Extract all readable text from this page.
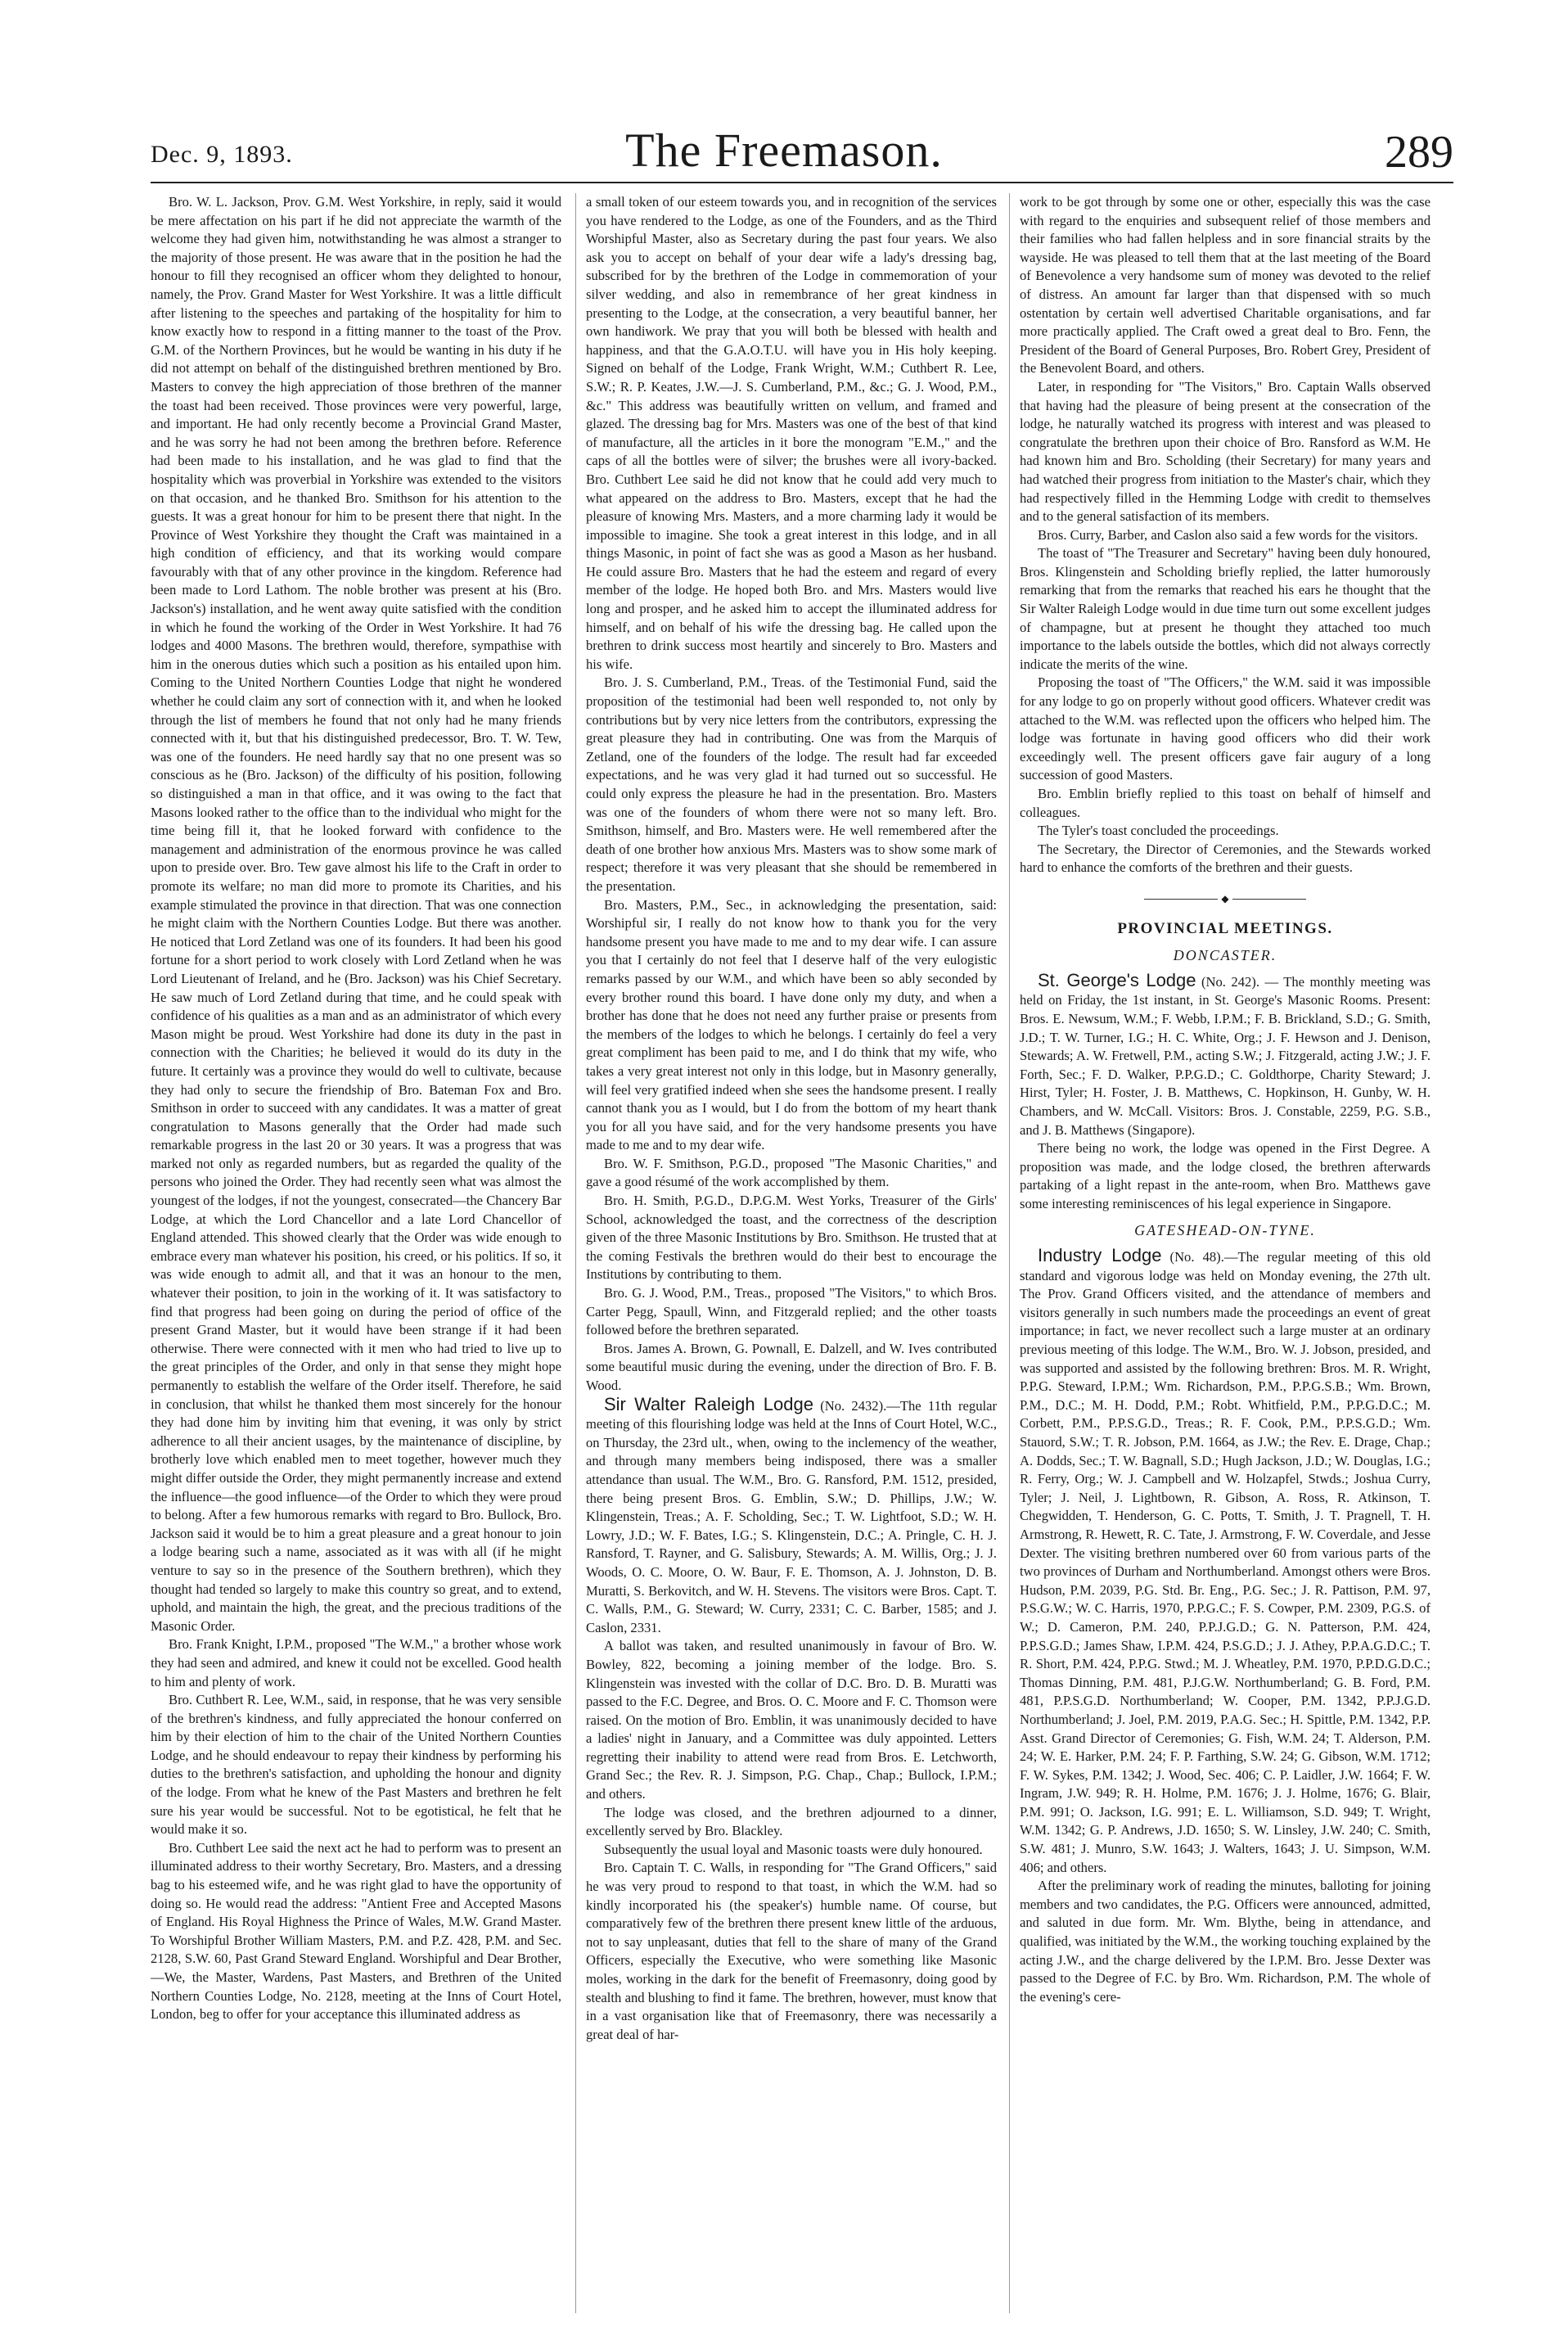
Dec. 9, 1893.	The Freemason.	289

Bro. W. L. Jackson, Prov. G.M. West Yorkshire, in reply, said it would be mere affectation on his part if he did not appreciate the warmth of the welcome they had given him, notwithstanding he was almost a stranger to the majority of those present. He was aware that in the position he had the honour to fill they recognised an officer whom they delighted to honour, namely, the Prov. Grand Master for West Yorkshire. It was a little difficult after listening to the speeches and partaking of the hospitality for him to know exactly how to respond in a fitting manner to the toast of the Prov. G.M. of the Northern Provinces, but he would be wanting in his duty if he did not attempt on behalf of the distinguished brethren mentioned by Bro. Masters to convey the high appreciation of those brethren of the manner the toast had been received. Those provinces were very powerful, large, and important. He had only recently become a Provincial Grand Master, and he was sorry he had not been among the brethren before. Reference had been made to his installation, and he was glad to find that the hospitality which was proverbial in Yorkshire was extended to the visitors on that occasion, and he thanked Bro. Smithson for his attention to the guests. It was a great honour for him to be present there that night. In the Province of West Yorkshire they thought the Craft was maintained in a high condition of efficiency, and that its working would compare favourably with that of any other province in the kingdom. Reference had been made to Lord Lathom. The noble brother was present at his (Bro. Jackson's) installation, and he went away quite satisfied with the condition in which he found the working of the Order in West Yorkshire. It had 76 lodges and 4000 Masons. The brethren would, therefore, sympathise with him in the onerous duties which such a position as his entailed upon him. Coming to the United Northern Counties Lodge that night he wondered whether he could claim any sort of connection with it, and when he looked through the list of members he found that not only had he many friends connected with it, but that his distinguished predecessor, Bro. T. W. Tew, was one of the founders. He need hardly say that no one present was so conscious as he (Bro. Jackson) of the difficulty of his position, following so distinguished a man in that office, and it was owing to the fact that Masons looked rather to the office than to the individual who might for the time being fill it, that he looked forward with confidence to the management and administration of the enormous province he was called upon to preside over. Bro. Tew gave almost his life to the Craft in order to promote its welfare; no man did more to promote its Charities, and his example stimulated the province in that direction. That was one connection he might claim with the Northern Counties Lodge. But there was another. He noticed that Lord Zetland was one of its founders. It had been his good fortune for a short period to work closely with Lord Zetland when he was Lord Lieutenant of Ireland, and he (Bro. Jackson) was his Chief Secretary. He saw much of Lord Zetland during that time, and he could speak with confidence of his qualities as a man and as an administrator of which every Mason might be proud. West Yorkshire had done its duty in the past in connection with the Charities; he believed it would do its duty in the future. It certainly was a province they would do well to cultivate, because they had only to secure the friendship of Bro. Bateman Fox and Bro. Smithson in order to succeed with any candidates. It was a matter of great congratulation to Masons generally that the Order had made such remarkable progress in the last 20 or 30 years. It was a progress that was marked not only as regarded numbers, but as regarded the quality of the persons who joined the Order. They had recently seen what was almost the youngest of the lodges, if not the youngest, consecrated—the Chancery Bar Lodge, at which the Lord Chancellor and a late Lord Chancellor of England attended. This showed clearly that the Order was wide enough to embrace every man whatever his position, his creed, or his politics. If so, it was wide enough to admit all, and that it was an honour to the men, whatever their position, to join in the working of it. It was satisfactory to find that progress had been going on during the period of office of the present Grand Master, but it would have been strange if it had been otherwise. There were connected with it men who had tried to live up to the great principles of the Order, and only in that sense they might hope permanently to establish the welfare of the Order itself. Therefore, he said in conclusion, that whilst he thanked them most sincerely for the honour they had done him by inviting him that evening, it was only by strict adherence to all their ancient usages, by the maintenance of discipline, by brotherly love which enabled men to meet together, however much they might differ outside the Order, they might permanently increase and extend the influence—the good influence—of the Order to which they were proud to belong. After a few humorous remarks with regard to Bro. Bullock, Bro. Jackson said it would be to him a great pleasure and a great honour to join a lodge bearing such a name, associated as it was with all (if he might venture to say so in the presence of the Southern brethren), which they thought had tended so largely to make this country so great, and to extend, uphold, and maintain the high, the great, and the precious traditions of the Masonic Order.

Bro. Frank Knight, I.P.M., proposed "The W.M.," a brother whose work they had seen and admired, and knew it could not be excelled. Good health to him and plenty of work.

Bro. Cuthbert R. Lee, W.M., said, in response, that he was very sensible of the brethren's kindness, and fully appreciated the honour conferred on him by their election of him to the chair of the United Northern Counties Lodge, and he should endeavour to repay their kindness by performing his duties to the brethren's satisfaction, and upholding the honour and dignity of the lodge. From what he knew of the Past Masters and brethren he felt sure his year would be successful. Not to be egotistical, he felt that he would make it so.

Bro. Cuthbert Lee said the next act he had to perform was to present an illuminated address to their worthy Secretary, Bro. Masters, and a dressing bag to his esteemed wife, and he was right glad to have the opportunity of doing so. He would read the address: "Antient Free and Accepted Masons of England. His Royal Highness the Prince of Wales, M.W. Grand Master. To Worshipful Brother William Masters, P.M. and P.Z. 428, P.M. and Sec. 2128, S.W. 60, Past Grand Steward England. Worshipful and Dear Brother,—We, the Master, Wardens, Past Masters, and Brethren of the United Northern Counties Lodge, No. 2128, meeting at the Inns of Court Hotel, London, beg to offer for your acceptance this illuminated address as

a small token of our esteem towards you, and in recognition of the services you have rendered to the Lodge, as one of the Founders, and as the Third Worshipful Master, also as Secretary during the past four years. We also ask you to accept on behalf of your dear wife a lady's dressing bag, subscribed for by the brethren of the Lodge in commemoration of your silver wedding, and also in remembrance of her great kindness in presenting to the Lodge, at the consecration, a very beautiful banner, her own handiwork. We pray that you will both be blessed with health and happiness, and that the G.A.O.T.U. will have you in His holy keeping. Signed on behalf of the Lodge, Frank Wright, W.M.; Cuthbert R. Lee, S.W.; R. P. Keates, J.W.—J. S. Cumberland, P.M., &c.; G. J. Wood, P.M., &c." This address was beautifully written on vellum, and framed and glazed. The dressing bag for Mrs. Masters was one of the best of that kind of manufacture, all the articles in it bore the monogram "E.M.," and the caps of all the bottles were of silver; the brushes were all ivory-backed. Bro. Cuthbert Lee said he did not know that he could add very much to what appeared on the address to Bro. Masters, except that he had the pleasure of knowing Mrs. Masters, and a more charming lady it would be impossible to imagine. She took a great interest in this lodge, and in all things Masonic, in point of fact she was as good a Mason as her husband. He could assure Bro. Masters that he had the esteem and regard of every member of the lodge. He hoped both Bro. and Mrs. Masters would live long and prosper, and he asked him to accept the illuminated address for himself, and on behalf of his wife the dressing bag. He called upon the brethren to drink success most heartily and sincerely to Bro. Masters and his wife.

Bro. J. S. Cumberland, P.M., Treas. of the Testimonial Fund, said the proposition of the testimonial had been well responded to, not only by contributions but by very nice letters from the contributors, expressing the great pleasure they had in contributing. One was from the Marquis of Zetland, one of the founders of the lodge. The result had far exceeded expectations, and he was very glad it had turned out so successful. He could only express the pleasure he had in the presentation. Bro. Masters was one of the founders of whom there were not so many left. Bro. Smithson, himself, and Bro. Masters were. He well remembered after the death of one brother how anxious Mrs. Masters was to show some mark of respect; therefore it was very pleasant that she should be remembered in the presentation.

Bro. Masters, P.M., Sec., in acknowledging the presentation, said: Worshipful sir, I really do not know how to thank you for the very handsome present you have made to me and to my dear wife. I can assure you that I certainly do not feel that I deserve half of the very eulogistic remarks passed by our W.M., and which have been so ably seconded by every brother round this board. I have done only my duty, and when a brother has done that he does not need any further praise or presents from the members of the lodges to which he belongs. I certainly do feel a very great compliment has been paid to me, and I do think that my wife, who takes a very great interest not only in this lodge, but in Masonry generally, will feel very gratified indeed when she sees the handsome present. I really cannot thank you as I would, but I do from the bottom of my heart thank you for all you have said, and for the very handsome presents you have made to me and to my dear wife.

Bro. W. F. Smithson, P.G.D., proposed "The Masonic Charities," and gave a good résumé of the work accomplished by them.

Bro. H. Smith, P.G.D., D.P.G.M. West Yorks, Treasurer of the Girls' School, acknowledged the toast, and the correctness of the description given of the three Masonic Institutions by Bro. Smithson. He trusted that at the coming Festivals the brethren would do their best to encourage the Institutions by contributing to them.

Bro. G. J. Wood, P.M., Treas., proposed "The Visitors," to which Bros. Carter Pegg, Spaull, Winn, and Fitzgerald replied; and the other toasts followed before the brethren separated.

Bros. James A. Brown, G. Pownall, E. Dalzell, and W. Ives contributed some beautiful music during the evening, under the direction of Bro. F. B. Wood.

Sir Walter Raleigh Lodge (No. 2432).—The 11th regular meeting of this flourishing lodge was held at the Inns of Court Hotel, W.C., on Thursday, the 23rd ult., when, owing to the inclemency of the weather, and through many members being indisposed, there was a smaller attendance than usual. The W.M., Bro. G. Ransford, P.M. 1512, presided, there being present Bros. G. Emblin, S.W.; D. Phillips, J.W.; W. Klingenstein, Treas.; A. F. Scholding, Sec.; T. W. Lightfoot, S.D.; W. H. Lowry, J.D.; W. F. Bates, I.G.; S. Klingenstein, D.C.; A. Pringle, C. H. J. Ransford, T. Rayner, and G. Salisbury, Stewards; A. M. Willis, Org.; J. J. Woods, O. C. Moore, O. W. Baur, F. E. Thomson, A. J. Johnston, D. B. Muratti, S. Berkovitch, and W. H. Stevens. The visitors were Bros. Capt. T. C. Walls, P.M., G. Steward; W. Curry, 2331; C. C. Barber, 1585; and J. Caslon, 2331.

A ballot was taken, and resulted unanimously in favour of Bro. W. Bowley, 822, becoming a joining member of the lodge. Bro. S. Klingenstein was invested with the collar of D.C. Bro. D. B. Muratti was passed to the F.C. Degree, and Bros. O. C. Moore and F. C. Thomson were raised. On the motion of Bro. Emblin, it was unanimously decided to have a ladies' night in January, and a Committee was duly appointed. Letters regretting their inability to attend were read from Bros. E. Letchworth, Grand Sec.; the Rev. R. J. Simpson, P.G. Chap., Chap.; Bullock, I.P.M.; and others.

The lodge was closed, and the brethren adjourned to a dinner, excellently served by Bro. Blackley.

Subsequently the usual loyal and Masonic toasts were duly honoured.

Bro. Captain T. C. Walls, in responding for "The Grand Officers," said he was very proud to respond to that toast, in which the W.M. had so kindly incorporated his (the speaker's) humble name. Of course, but comparatively few of the brethren there present knew little of the arduous, not to say unpleasant, duties that fell to the share of many of the Grand Officers, especially the Executive, who were something like Masonic moles, working in the dark for the benefit of Freemasonry, doing good by stealth and blushing to find it fame. The brethren, however, must know that in a vast organisation like that of Freemasonry, there was necessarily a great deal of har-

work to be got through by some one or other, especially this was the case with regard to the enquiries and subsequent relief of those members and their families who had fallen helpless and in sore financial straits by the wayside. He was pleased to tell them that at the last meeting of the Board of Benevolence a very handsome sum of money was devoted to the relief of distress. An amount far larger than that dispensed with so much ostentation by certain well advertised Charitable organisations, and far more practically applied. The Craft owed a great deal to Bro. Fenn, the President of the Board of General Purposes, Bro. Robert Grey, President of the Benevolent Board, and others.

Later, in responding for "The Visitors," Bro. Captain Walls observed that having had the pleasure of being present at the consecration of the lodge, he naturally watched its progress with interest and was pleased to congratulate the brethren upon their choice of Bro. Ransford as W.M. He had known him and Bro. Scholding (their Secretary) for many years and had watched their progress from initiation to the Master's chair, which they had respectively filled in the Hemming Lodge with credit to themselves and to the general satisfaction of its members.

Bros. Curry, Barber, and Caslon also said a few words for the visitors.

The toast of "The Treasurer and Secretary" having been duly honoured, Bros. Klingenstein and Scholding briefly replied, the latter humorously remarking that from the remarks that reached his ears he thought that the Sir Walter Raleigh Lodge would in due time turn out some excellent judges of champagne, but at present he thought they attached too much importance to the labels outside the bottles, which did not always correctly indicate the merits of the wine.

Proposing the toast of "The Officers," the W.M. said it was impossible for any lodge to go on properly without good officers. Whatever credit was attached to the W.M. was reflected upon the officers who helped him. The lodge was fortunate in having good officers who did their work exceedingly well. The present officers gave fair augury of a long succession of good Masters.

Bro. Emblin briefly replied to this toast on behalf of himself and colleagues.

The Tyler's toast concluded the proceedings.

The Secretary, the Director of Ceremonies, and the Stewards worked hard to enhance the comforts of the brethren and their guests.

◆
PROVINCIAL MEETINGS.
DONCASTER.

St. George's Lodge (No. 242). — The monthly meeting was held on Friday, the 1st instant, in St. George's Masonic Rooms. Present: Bros. E. Newsum, W.M.; F. Webb, I.P.M.; F. B. Brickland, S.D.; G. Smith, J.D.; T. W. Turner, I.G.; H. C. White, Org.; J. F. Hewson and J. Denison, Stewards; A. W. Fretwell, P.M., acting S.W.; J. Fitzgerald, acting J.W.; J. F. Forth, Sec.; F. D. Walker, P.P.G.D.; C. Goldthorpe, Charity Steward; J. Hirst, Tyler; H. Foster, J. B. Matthews, C. Hopkinson, H. Gunby, W. H. Chambers, and W. McCall. Visitors: Bros. J. Constable, 2259, P.G. S.B., and J. B. Matthews (Singapore).

There being no work, the lodge was opened in the First Degree. A proposition was made, and the lodge closed, the brethren afterwards partaking of a light repast in the ante-room, when Bro. Matthews gave some interesting reminiscences of his legal experience in Singapore.

GATESHEAD-ON-TYNE.

Industry Lodge (No. 48).—The regular meeting of this old standard and vigorous lodge was held on Monday evening, the 27th ult. The Prov. Grand Officers visited, and the attendance of members and visitors generally in such numbers made the proceedings an event of great importance; in fact, we never recollect such a large muster at an ordinary previous meeting of this lodge. The W.M., Bro. W. J. Jobson, presided, and was supported and assisted by the following brethren: Bros. M. R. Wright, P.P.G. Steward, I.P.M.; Wm. Richardson, P.M., P.P.G.S.B.; Wm. Brown, P.M., D.C.; M. H. Dodd, P.M.; Robt. Whitfield, P.M., P.P.G.D.C.; M. Corbett, P.M., P.P.S.G.D., Treas.; R. F. Cook, P.M., P.P.S.G.D.; Wm. Stauord, S.W.; T. R. Jobson, P.M. 1664, as J.W.; the Rev. E. Drage, Chap.; A. Dodds, Sec.; T. W. Bagnall, S.D.; Hugh Jackson, J.D.; W. Douglas, I.G.; R. Ferry, Org.; W. J. Campbell and W. Holzapfel, Stwds.; Joshua Curry, Tyler; J. Neil, J. Lightbown, R. Gibson, A. Ross, R. Atkinson, T. Chegwidden, T. Henderson, G. C. Potts, T. Smith, J. T. Pragnell, T. H. Armstrong, R. Hewett, R. C. Tate, J. Armstrong, F. W. Coverdale, and Jesse Dexter. The visiting brethren numbered over 60 from various parts of the two provinces of Durham and Northumberland. Amongst others were Bros. Hudson, P.M. 2039, P.G. Std. Br. Eng., P.G. Sec.; J. R. Pattison, P.M. 97, P.S.G.W.; W. C. Harris, 1970, P.P.G.C.; F. S. Cowper, P.M. 2309, P.G.S. of W.; D. Cameron, P.M. 240, P.P.J.G.D.; G. N. Patterson, P.M. 424, P.P.S.G.D.; James Shaw, I.P.M. 424, P.S.G.D.; J. J. Athey, P.P.A.G.D.C.; T. R. Short, P.M. 424, P.P.G. Stwd.; M. J. Wheatley, P.M. 1970, P.P.D.G.D.C.; Thomas Dinning, P.M. 481, P.J.G.W. Northumberland; G. B. Ford, P.M. 481, P.P.S.G.D. Northumberland; W. Cooper, P.M. 1342, P.P.J.G.D. Northumberland; J. Joel, P.M. 2019, P.A.G. Sec.; H. Spittle, P.M. 1342, P.P. Asst. Grand Director of Ceremonies; G. Fish, W.M. 24; T. Alderson, P.M. 24; W. E. Harker, P.M. 24; F. P. Farthing, S.W. 24; G. Gibson, W.M. 1712; F. W. Sykes, P.M. 1342; J. Wood, Sec. 406; C. P. Laidler, J.W. 1664; F. W. Ingram, J.W. 949; R. H. Holme, P.M. 1676; J. J. Holme, 1676; G. Blair, P.M. 991; O. Jackson, I.G. 991; E. L. Williamson, S.D. 949; T. Wright, W.M. 1342; G. P. Andrews, J.D. 1650; S. W. Linsley, J.W. 240; C. Smith, S.W. 481; J. Munro, S.W. 1643; J. Walters, 1643; J. U. Simpson, W.M. 406; and others.

After the preliminary work of reading the minutes, balloting for joining members and two candidates, the P.G. Officers were announced, admitted, and saluted in due form. Mr. Wm. Blythe, being in attendance, and qualified, was initiated by the W.M., the working touching explained by the acting J.W., and the charge delivered by the I.P.M. Bro. Jesse Dexter was passed to the Degree of F.C. by Bro. Wm. Richardson, P.M. The whole of the evening's cere-
